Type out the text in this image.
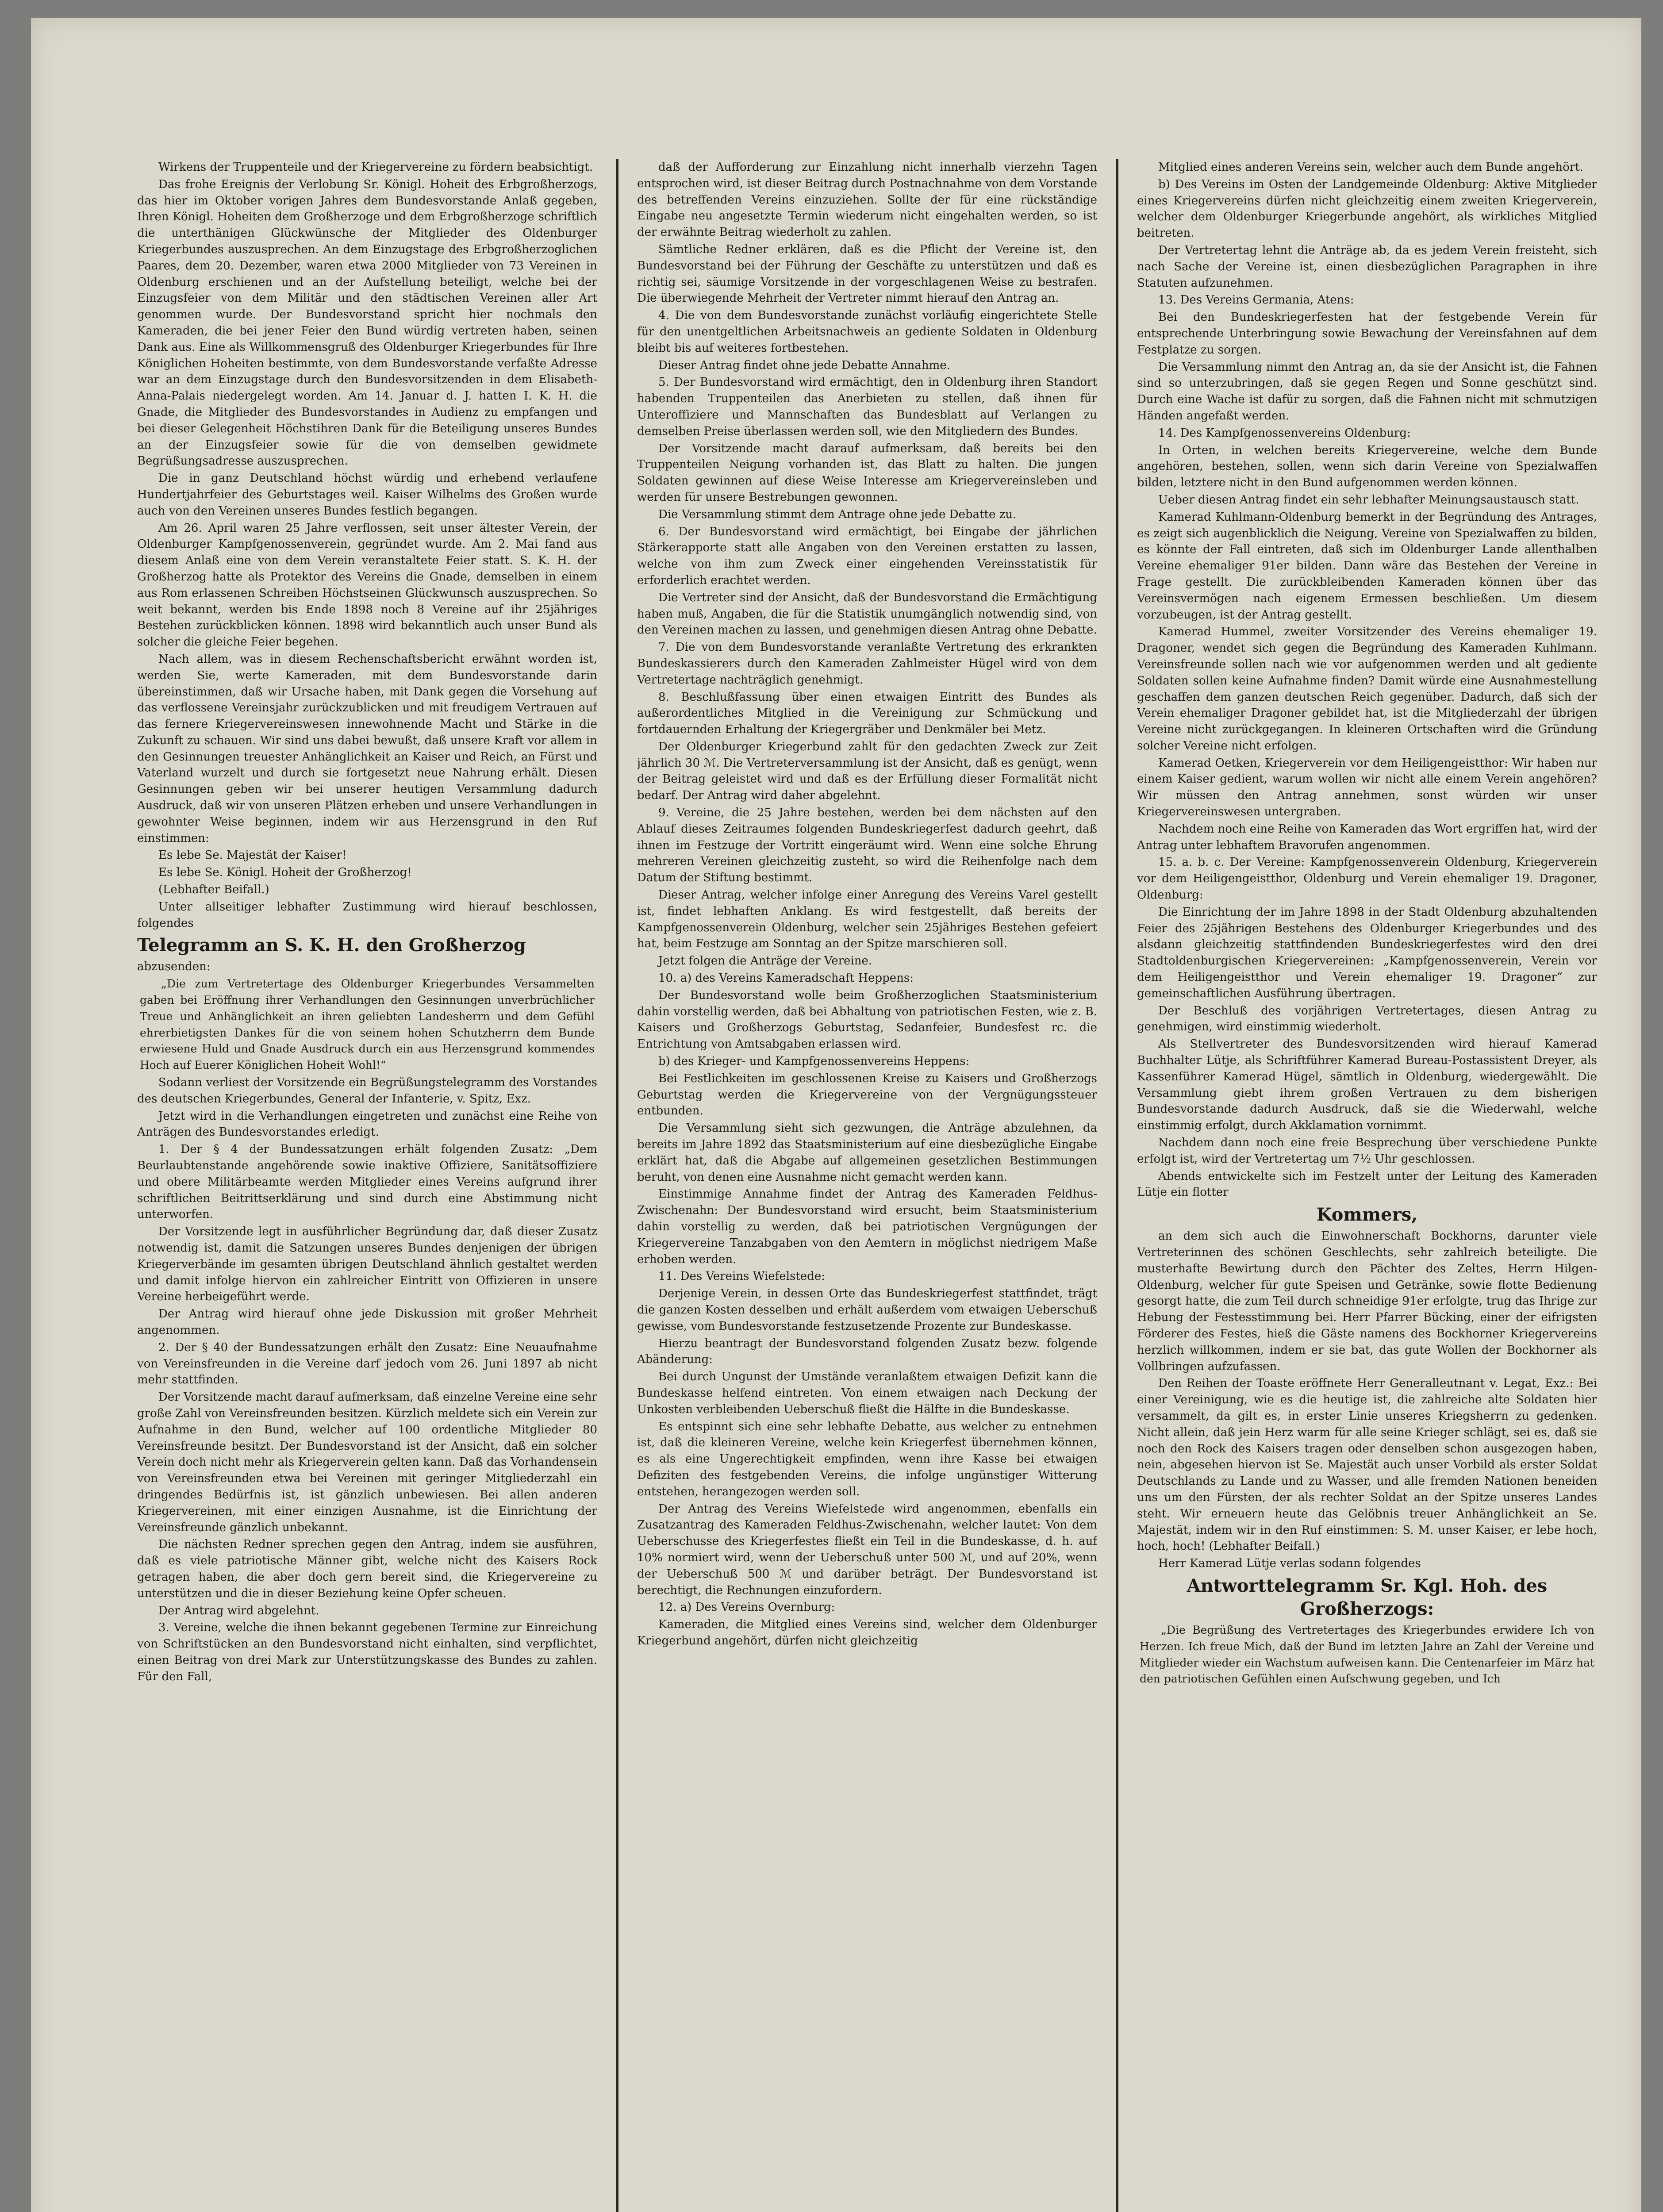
Wirkens der Truppenteile und der Kriegervereine zu fördern beabsichtigt.

Das frohe Ereignis der Verlobung Sr. Königl. Hoheit des Erbgroßherzogs, das hier im Oktober vorigen Jahres dem Bundesvorstande Anlaß gegeben, Ihren Königl. Hoheiten dem Großherzoge und dem Erbgroßherzoge schriftlich die unterthänigen Glückwünsche der Mitglieder des Oldenburger Kriegerbundes auszusprechen. An dem Einzugstage des Erbgroßherzoglichen Paares, dem 20. Dezember, waren etwa 2000 Mitglieder von 73 Vereinen in Oldenburg erschienen und an der Aufstellung beteiligt, welche bei der Einzugsfeier von dem Militär und den städtischen Vereinen aller Art genommen wurde. Der Bundesvorstand spricht hier nochmals den Kameraden, die bei jener Feier den Bund würdig vertreten haben, seinen Dank aus. Eine als Willkommensgruß des Oldenburger Kriegerbundes für Ihre Königlichen Hoheiten bestimmte, von dem Bundesvorstande verfaßte Adresse war an dem Einzugstage durch den Bundesvorsitzenden in dem Elisabeth-Anna-Palais niedergelegt worden. Am 14. Januar d. J. hatten I. K. H. die Gnade, die Mitglieder des Bundesvorstandes in Audienz zu empfangen und bei dieser Gelegenheit Höchstihren Dank für die Beteiligung unseres Bundes an der Einzugsfeier sowie für die von demselben gewidmete Begrüßungsadresse auszusprechen.

Die in ganz Deutschland höchst würdig und erhebend verlaufene Hundertjahrfeier des Geburtstages weil. Kaiser Wilhelms des Großen wurde auch von den Vereinen unseres Bundes festlich begangen.

Am 26. April waren 25 Jahre verflossen, seit unser ältester Verein, der Oldenburger Kampfgenossenverein, gegründet wurde. Am 2. Mai fand aus diesem Anlaß eine von dem Verein veranstaltete Feier statt. S. K. H. der Großherzog hatte als Protektor des Vereins die Gnade, demselben in einem aus Rom erlassenen Schreiben Höchstseinen Glückwunsch auszusprechen. So weit bekannt, werden bis Ende 1898 noch 8 Vereine auf ihr 25jähriges Bestehen zurückblicken können. 1898 wird bekanntlich auch unser Bund als solcher die gleiche Feier begehen.

Nach allem, was in diesem Rechenschaftsbericht erwähnt worden ist, werden Sie, werte Kameraden, mit dem Bundesvorstande darin übereinstimmen, daß wir Ursache haben, mit Dank gegen die Vorsehung auf das verflossene Vereinsjahr zurückzublicken und mit freudigem Vertrauen auf das fernere Kriegervereinswesen innewohnende Macht und Stärke in die Zukunft zu schauen. Wir sind uns dabei bewußt, daß unsere Kraft vor allem in den Gesinnungen treuester Anhänglichkeit an Kaiser und Reich, an Fürst und Vaterland wurzelt und durch sie fortgesetzt neue Nahrung erhält. Diesen Gesinnungen geben wir bei unserer heutigen Versammlung dadurch Ausdruck, daß wir von unseren Plätzen erheben und unsere Verhandlungen in gewohnter Weise beginnen, indem wir aus Herzensgrund in den Ruf einstimmen:

Es lebe Se. Majestät der Kaiser!

Es lebe Se. Königl. Hoheit der Großherzog!

(Lebhafter Beifall.)

Unter allseitiger lebhafter Zustimmung wird hierauf beschlossen, folgendes

Telegramm an S. K. H. den Großherzog

abzusenden:

„Die zum Vertretertage des Oldenburger Kriegerbundes Versammelten gaben bei Eröffnung ihrer Verhandlungen den Gesinnungen unverbrüchlicher Treue und Anhänglichkeit an ihren geliebten Landesherrn und dem Gefühl ehrerbietigsten Dankes für die von seinem hohen Schutzherrn dem Bunde erwiesene Huld und Gnade Ausdruck durch ein aus Herzensgrund kommendes Hoch auf Euerer Königlichen Hoheit Wohl!“

Sodann verliest der Vorsitzende ein Begrüßungstelegramm des Vorstandes des deutschen Kriegerbundes, General der Infanterie, v. Spitz, Exz.

Jetzt wird in die Verhandlungen eingetreten und zunächst eine Reihe von Anträgen des Bundesvorstandes erledigt.

1. Der § 4 der Bundessatzungen erhält folgenden Zusatz: „Dem Beurlaubtenstande angehörende sowie inaktive Offiziere, Sanitätsoffiziere und obere Militärbeamte werden Mitglieder eines Vereins aufgrund ihrer schriftlichen Beitrittserklärung und sind durch eine Abstimmung nicht unterworfen.

Der Vorsitzende legt in ausführlicher Begründung dar, daß dieser Zusatz notwendig ist, damit die Satzungen unseres Bundes denjenigen der übrigen Kriegerverbände im gesamten übrigen Deutschland ähnlich gestaltet werden und damit infolge hiervon ein zahlreicher Eintritt von Offizieren in unsere Vereine herbeigeführt werde.

Der Antrag wird hierauf ohne jede Diskussion mit großer Mehrheit angenommen.

2. Der § 40 der Bundessatzungen erhält den Zusatz: Eine Neuaufnahme von Vereinsfreunden in die Vereine darf jedoch vom 26. Juni 1897 ab nicht mehr stattfinden.

Der Vorsitzende macht darauf aufmerksam, daß einzelne Vereine eine sehr große Zahl von Vereinsfreunden besitzen. Kürzlich meldete sich ein Verein zur Aufnahme in den Bund, welcher auf 100 ordentliche Mitglieder 80 Vereinsfreunde besitzt. Der Bundesvorstand ist der Ansicht, daß ein solcher Verein doch nicht mehr als Kriegerverein gelten kann. Daß das Vorhandensein von Vereinsfreunden etwa bei Vereinen mit geringer Mitgliederzahl ein dringendes Bedürfnis ist, ist gänzlich unbewiesen. Bei allen anderen Kriegervereinen, mit einer einzigen Ausnahme, ist die Einrichtung der Vereinsfreunde gänzlich unbekannt.

Die nächsten Redner sprechen gegen den Antrag, indem sie ausführen, daß es viele patriotische Männer gibt, welche nicht des Kaisers Rock getragen haben, die aber doch gern bereit sind, die Kriegervereine zu unterstützen und die in dieser Beziehung keine Opfer scheuen.

Der Antrag wird abgelehnt.

3. Vereine, welche die ihnen bekannt gegebenen Termine zur Einreichung von Schriftstücken an den Bundesvorstand nicht einhalten, sind verpflichtet, einen Beitrag von drei Mark zur Unterstützungskasse des Bundes zu zahlen. Für den Fall,

daß der Aufforderung zur Einzahlung nicht innerhalb vierzehn Tagen entsprochen wird, ist dieser Beitrag durch Postnachnahme von dem Vorstande des betreffenden Vereins einzuziehen. Sollte der für eine rückständige Eingabe neu angesetzte Termin wiederum nicht eingehalten werden, so ist der erwähnte Beitrag wiederholt zu zahlen.

Sämtliche Redner erklären, daß es die Pflicht der Vereine ist, den Bundesvorstand bei der Führung der Geschäfte zu unterstützen und daß es richtig sei, säumige Vorsitzende in der vorgeschlagenen Weise zu bestrafen. Die überwiegende Mehrheit der Vertreter nimmt hierauf den Antrag an.

4. Die von dem Bundesvorstande zunächst vorläufig eingerichtete Stelle für den unentgeltlichen Arbeitsnachweis an gediente Soldaten in Oldenburg bleibt bis auf weiteres fortbestehen.

Dieser Antrag findet ohne jede Debatte Annahme.

5. Der Bundesvorstand wird ermächtigt, den in Oldenburg ihren Standort habenden Truppenteilen das Anerbieten zu stellen, daß ihnen für Unteroffiziere und Mannschaften das Bundesblatt auf Verlangen zu demselben Preise überlassen werden soll, wie den Mitgliedern des Bundes.

Der Vorsitzende macht darauf aufmerksam, daß bereits bei den Truppenteilen Neigung vorhanden ist, das Blatt zu halten. Die jungen Soldaten gewinnen auf diese Weise Interesse am Kriegervereinsleben und werden für unsere Bestrebungen gewonnen.

Die Versammlung stimmt dem Antrage ohne jede Debatte zu.

6. Der Bundesvorstand wird ermächtigt, bei Eingabe der jährlichen Stärkerapporte statt alle Angaben von den Vereinen erstatten zu lassen, welche von ihm zum Zweck einer eingehenden Vereinsstatistik für erforderlich erachtet werden.

Die Vertreter sind der Ansicht, daß der Bundesvorstand die Ermächtigung haben muß, Angaben, die für die Statistik unumgänglich notwendig sind, von den Vereinen machen zu lassen, und genehmigen diesen Antrag ohne Debatte.

7. Die von dem Bundesvorstande veranlaßte Vertretung des erkrankten Bundeskassierers durch den Kameraden Zahlmeister Hügel wird von dem Vertretertage nachträglich genehmigt.

8. Beschlußfassung über einen etwaigen Eintritt des Bundes als außerordentliches Mitglied in die Vereinigung zur Schmückung und fortdauernden Erhaltung der Kriegergräber und Denkmäler bei Metz.

Der Oldenburger Kriegerbund zahlt für den gedachten Zweck zur Zeit jährlich 30 ℳ. Die Vertreterversammlung ist der Ansicht, daß es genügt, wenn der Beitrag geleistet wird und daß es der Erfüllung dieser Formalität nicht bedarf. Der Antrag wird daher abgelehnt.

9. Vereine, die 25 Jahre bestehen, werden bei dem nächsten auf den Ablauf dieses Zeitraumes folgenden Bundeskriegerfest dadurch geehrt, daß ihnen im Festzuge der Vortritt eingeräumt wird. Wenn eine solche Ehrung mehreren Vereinen gleichzeitig zusteht, so wird die Reihenfolge nach dem Datum der Stiftung bestimmt.

Dieser Antrag, welcher infolge einer Anregung des Vereins Varel gestellt ist, findet lebhaften Anklang. Es wird festgestellt, daß bereits der Kampfgenossenverein Oldenburg, welcher sein 25jähriges Bestehen gefeiert hat, beim Festzuge am Sonntag an der Spitze marschieren soll.

Jetzt folgen die Anträge der Vereine.

10. a) des Vereins Kameradschaft Heppens:

Der Bundesvorstand wolle beim Großherzoglichen Staatsministerium dahin vorstellig werden, daß bei Abhaltung von patriotischen Festen, wie z. B. Kaisers und Großherzogs Geburtstag, Sedanfeier, Bundesfest rc. die Entrichtung von Amtsabgaben erlassen wird.

b) des Krieger- und Kampfgenossenvereins Heppens:

Bei Festlichkeiten im geschlossenen Kreise zu Kaisers und Großherzogs Geburtstag werden die Kriegervereine von der Vergnügungssteuer entbunden.

Die Versammlung sieht sich gezwungen, die Anträge abzulehnen, da bereits im Jahre 1892 das Staatsministerium auf eine diesbezügliche Eingabe erklärt hat, daß die Abgabe auf allgemeinen gesetzlichen Bestimmungen beruht, von denen eine Ausnahme nicht gemacht werden kann.

Einstimmige Annahme findet der Antrag des Kameraden Feldhus-Zwischenahn: Der Bundesvorstand wird ersucht, beim Staatsministerium dahin vorstellig zu werden, daß bei patriotischen Vergnügungen der Kriegervereine Tanzabgaben von den Aemtern in möglichst niedrigem Maße erhoben werden.

11. Des Vereins Wiefelstede:

Derjenige Verein, in dessen Orte das Bundeskriegerfest stattfindet, trägt die ganzen Kosten desselben und erhält außerdem vom etwaigen Ueberschuß gewisse, vom Bundesvorstande festzusetzende Prozente zur Bundeskasse.

Hierzu beantragt der Bundesvorstand folgenden Zusatz bezw. folgende Abänderung:

Bei durch Ungunst der Umstände veranlaßtem etwaigen Defizit kann die Bundeskasse helfend eintreten. Von einem etwaigen nach Deckung der Unkosten verbleibenden Ueberschuß fließt die Hälfte in die Bundeskasse.

Es entspinnt sich eine sehr lebhafte Debatte, aus welcher zu entnehmen ist, daß die kleineren Vereine, welche kein Kriegerfest übernehmen können, es als eine Ungerechtigkeit empfinden, wenn ihre Kasse bei etwaigen Defiziten des festgebenden Vereins, die infolge ungünstiger Witterung entstehen, herangezogen werden soll.

Der Antrag des Vereins Wiefelstede wird angenommen, ebenfalls ein Zusatzantrag des Kameraden Feldhus-Zwischenahn, welcher lautet: Von dem Ueberschusse des Kriegerfestes fließt ein Teil in die Bundeskasse, d. h. auf 10% normiert wird, wenn der Ueberschuß unter 500 ℳ, und auf 20%, wenn der Ueberschuß 500 ℳ und darüber beträgt. Der Bundesvorstand ist berechtigt, die Rechnungen einzufordern.

12. a) Des Vereins Overnburg:

Kameraden, die Mitglied eines Vereins sind, welcher dem Oldenburger Kriegerbund angehört, dürfen nicht gleichzeitig

Mitglied eines anderen Vereins sein, welcher auch dem Bunde angehört.

b) Des Vereins im Osten der Landgemeinde Oldenburg: Aktive Mitglieder eines Kriegervereins dürfen nicht gleichzeitig einem zweiten Kriegerverein, welcher dem Oldenburger Kriegerbunde angehört, als wirkliches Mitglied beitreten.

Der Vertretertag lehnt die Anträge ab, da es jedem Verein freisteht, sich nach Sache der Vereine ist, einen diesbezüglichen Paragraphen in ihre Statuten aufzunehmen.

13. Des Vereins Germania, Atens:

Bei den Bundeskriegerfesten hat der festgebende Verein für entsprechende Unterbringung sowie Bewachung der Vereinsfahnen auf dem Festplatze zu sorgen.

Die Versammlung nimmt den Antrag an, da sie der Ansicht ist, die Fahnen sind so unterzubringen, daß sie gegen Regen und Sonne geschützt sind. Durch eine Wache ist dafür zu sorgen, daß die Fahnen nicht mit schmutzigen Händen angefaßt werden.

14. Des Kampfgenossenvereins Oldenburg:

In Orten, in welchen bereits Kriegervereine, welche dem Bunde angehören, bestehen, sollen, wenn sich darin Vereine von Spezialwaffen bilden, letztere nicht in den Bund aufgenommen werden können.

Ueber diesen Antrag findet ein sehr lebhafter Meinungsaustausch statt.

Kamerad Kuhlmann-Oldenburg bemerkt in der Begründung des Antrages, es zeigt sich augenblicklich die Neigung, Vereine von Spezialwaffen zu bilden, es könnte der Fall eintreten, daß sich im Oldenburger Lande allenthalben Vereine ehemaliger 91er bilden. Dann wäre das Bestehen der Vereine in Frage gestellt. Die zurückbleibenden Kameraden können über das Vereinsvermögen nach eigenem Ermessen beschließen. Um diesem vorzubeugen, ist der Antrag gestellt.

Kamerad Hummel, zweiter Vorsitzender des Vereins ehemaliger 19. Dragoner, wendet sich gegen die Begründung des Kameraden Kuhlmann. Vereinsfreunde sollen nach wie vor aufgenommen werden und alt gediente Soldaten sollen keine Aufnahme finden? Damit würde eine Ausnahmestellung geschaffen dem ganzen deutschen Reich gegenüber. Dadurch, daß sich der Verein ehemaliger Dragoner gebildet hat, ist die Mitgliederzahl der übrigen Vereine nicht zurückgegangen. In kleineren Ortschaften wird die Gründung solcher Vereine nicht erfolgen.

Kamerad Oetken, Kriegerverein vor dem Heiligengeistthor: Wir haben nur einem Kaiser gedient, warum wollen wir nicht alle einem Verein angehören? Wir müssen den Antrag annehmen, sonst würden wir unser Kriegervereinswesen untergraben.

Nachdem noch eine Reihe von Kameraden das Wort ergriffen hat, wird der Antrag unter lebhaftem Bravorufen angenommen.

15. a. b. c. Der Vereine: Kampfgenossenverein Oldenburg, Kriegerverein vor dem Heiligengeistthor, Oldenburg und Verein ehemaliger 19. Dragoner, Oldenburg:

Die Einrichtung der im Jahre 1898 in der Stadt Oldenburg abzuhaltenden Feier des 25jährigen Bestehens des Oldenburger Kriegerbundes und des alsdann gleichzeitig stattfindenden Bundeskriegerfestes wird den drei Stadtoldenburgischen Kriegervereinen: „Kampfgenossenverein, Verein vor dem Heiligengeistthor und Verein ehemaliger 19. Dragoner“ zur gemeinschaftlichen Ausführung übertragen.

Der Beschluß des vorjährigen Vertretertages, diesen Antrag zu genehmigen, wird einstimmig wiederholt.

Als Stellvertreter des Bundesvorsitzenden wird hierauf Kamerad Buchhalter Lütje, als Schriftführer Kamerad Bureau-Postassistent Dreyer, als Kassenführer Kamerad Hügel, sämtlich in Oldenburg, wiedergewählt. Die Versammlung giebt ihrem großen Vertrauen zu dem bisherigen Bundesvorstande dadurch Ausdruck, daß sie die Wiederwahl, welche einstimmig erfolgt, durch Akklamation vornimmt.

Nachdem dann noch eine freie Besprechung über verschiedene Punkte erfolgt ist, wird der Vertretertag um 7½ Uhr geschlossen.

Abends entwickelte sich im Festzelt unter der Leitung des Kameraden Lütje ein flotter

Kommers,

an dem sich auch die Einwohnerschaft Bockhorns, darunter viele Vertreterinnen des schönen Geschlechts, sehr zahlreich beteiligte. Die musterhafte Bewirtung durch den Pächter des Zeltes, Herrn Hilgen-Oldenburg, welcher für gute Speisen und Getränke, sowie flotte Bedienung gesorgt hatte, die zum Teil durch schneidige 91er erfolgte, trug das Ihrige zur Hebung der Festesstimmung bei. Herr Pfarrer Bücking, einer der eifrigsten Förderer des Festes, hieß die Gäste namens des Bockhorner Kriegervereins herzlich willkommen, indem er sie bat, das gute Wollen der Bockhorner als Vollbringen aufzufassen.

Den Reihen der Toaste eröffnete Herr Generalleutnant v. Legat, Exz.: Bei einer Vereinigung, wie es die heutige ist, die zahlreiche alte Soldaten hier versammelt, da gilt es, in erster Linie unseres Kriegsherrn zu gedenken. Nicht allein, daß jein Herz warm für alle seine Krieger schlägt, sei es, daß sie noch den Rock des Kaisers tragen oder denselben schon ausgezogen haben, nein, abgesehen hiervon ist Se. Majestät auch unser Vorbild als erster Soldat Deutschlands zu Lande und zu Wasser, und alle fremden Nationen beneiden uns um den Fürsten, der als rechter Soldat an der Spitze unseres Landes steht. Wir erneuern heute das Gelöbnis treuer Anhänglichkeit an Se. Majestät, indem wir in den Ruf einstimmen: S. M. unser Kaiser, er lebe hoch, hoch, hoch! (Lebhafter Beifall.)

Herr Kamerad Lütje verlas sodann folgendes

Antworttelegramm Sr. Kgl. Hoh. des Großherzogs:

„Die Begrüßung des Vertretertages des Kriegerbundes erwidere Ich von Herzen. Ich freue Mich, daß der Bund im letzten Jahre an Zahl der Vereine und Mitglieder wieder ein Wachstum aufweisen kann. Die Centenarfeier im März hat den patriotischen Gefühlen einen Aufschwung gegeben, und Ich
